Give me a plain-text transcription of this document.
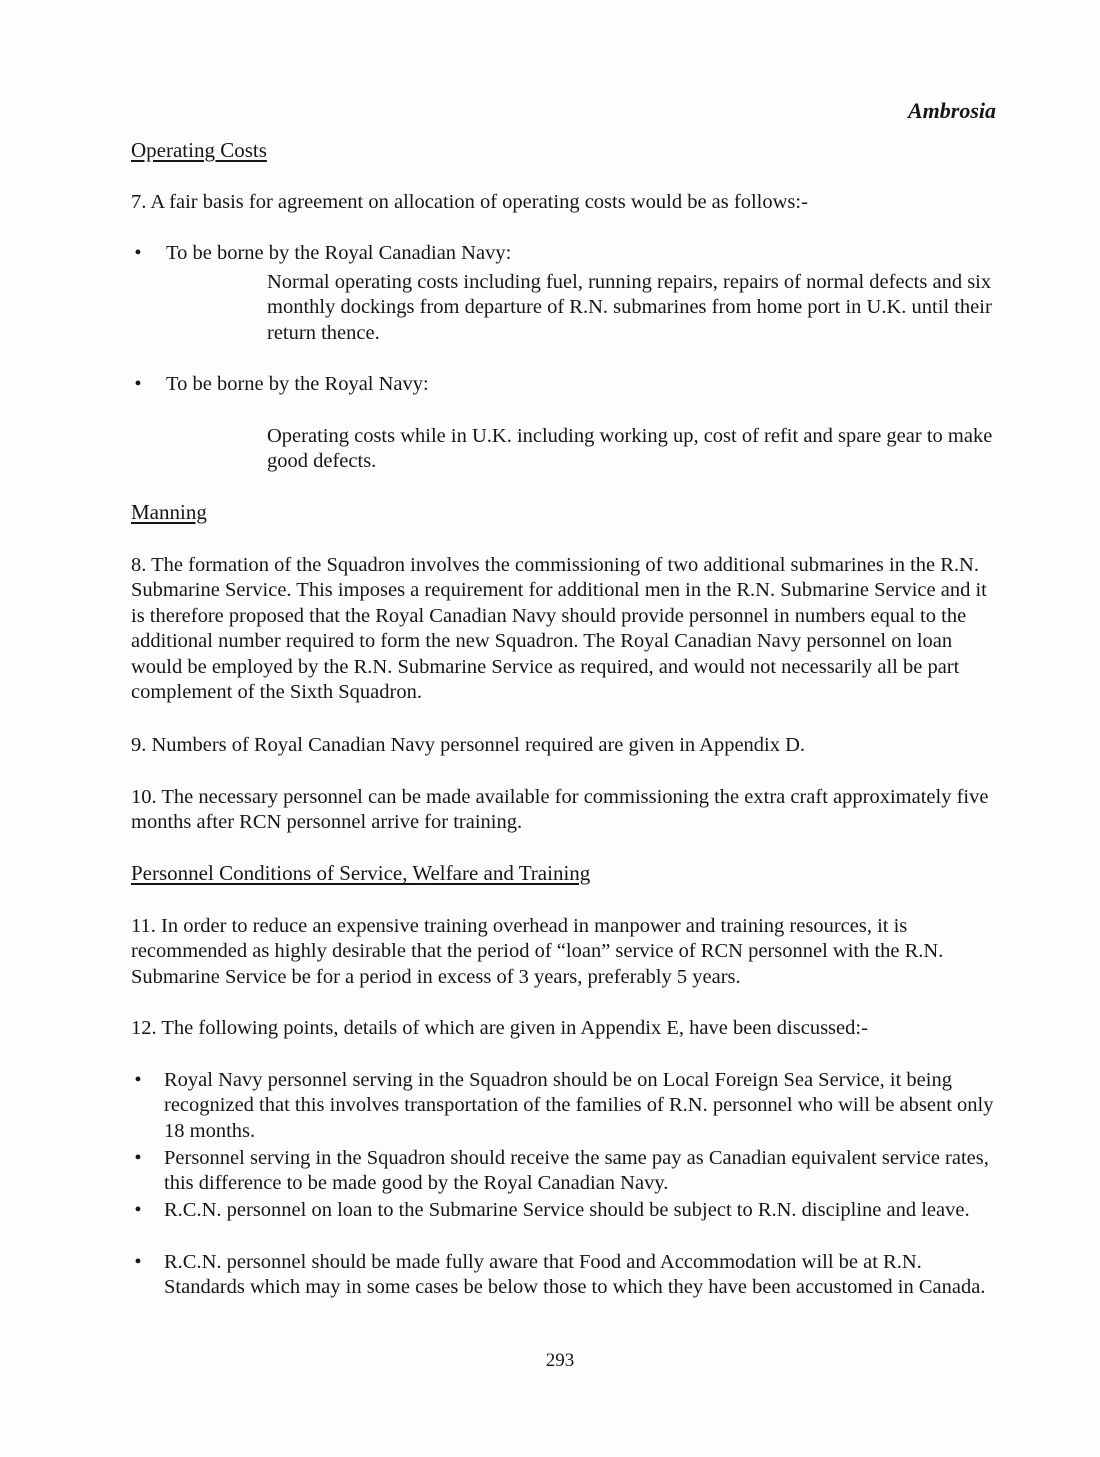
Ambrosia
Operating Costs
7. A fair basis for agreement on allocation of operating costs would be as follows:-
• To be borne by the Royal Canadian Navy:
Normal operating costs including fuel, running repairs, repairs of normal defects and six monthly dockings from departure of R.N. submarines from home port in U.K. until their return thence.
• To be borne by the Royal Navy:
Operating costs while in U.K. including working up, cost of refit and spare gear to make good defects.
Manning
8. The formation of the Squadron involves the commissioning of two additional submarines in the R.N. Submarine Service. This imposes a requirement for additional men in the R.N. Submarine Service and it is therefore proposed that the Royal Canadian Navy should provide personnel in numbers equal to the additional number required to form the new Squadron. The Royal Canadian Navy personnel on loan would be employed by the R.N. Submarine Service as required, and would not necessarily all be part complement of the Sixth Squadron.
9. Numbers of Royal Canadian Navy personnel required are given in Appendix D.
10. The necessary personnel can be made available for commissioning the extra craft approximately five months after RCN personnel arrive for training.
Personnel Conditions of Service, Welfare and Training
11. In order to reduce an expensive training overhead in manpower and training resources, it is recommended as highly desirable that the period of “loan” service of RCN personnel with the R.N. Submarine Service be for a period in excess of 3 years, preferably 5 years.
12. The following points, details of which are given in Appendix E, have been discussed:-
• Royal Navy personnel serving in the Squadron should be on Local Foreign Sea Service, it being recognized that this involves transportation of the families of R.N. personnel who will be absent only 18 months.
• Personnel serving in the Squadron should receive the same pay as Canadian equivalent service rates, this difference to be made good by the Royal Canadian Navy.
• R.C.N. personnel on loan to the Submarine Service should be subject to R.N. discipline and leave.
• R.C.N. personnel should be made fully aware that Food and Accommodation will be at R.N. Standards which may in some cases be below those to which they have been accustomed in Canada.
293
